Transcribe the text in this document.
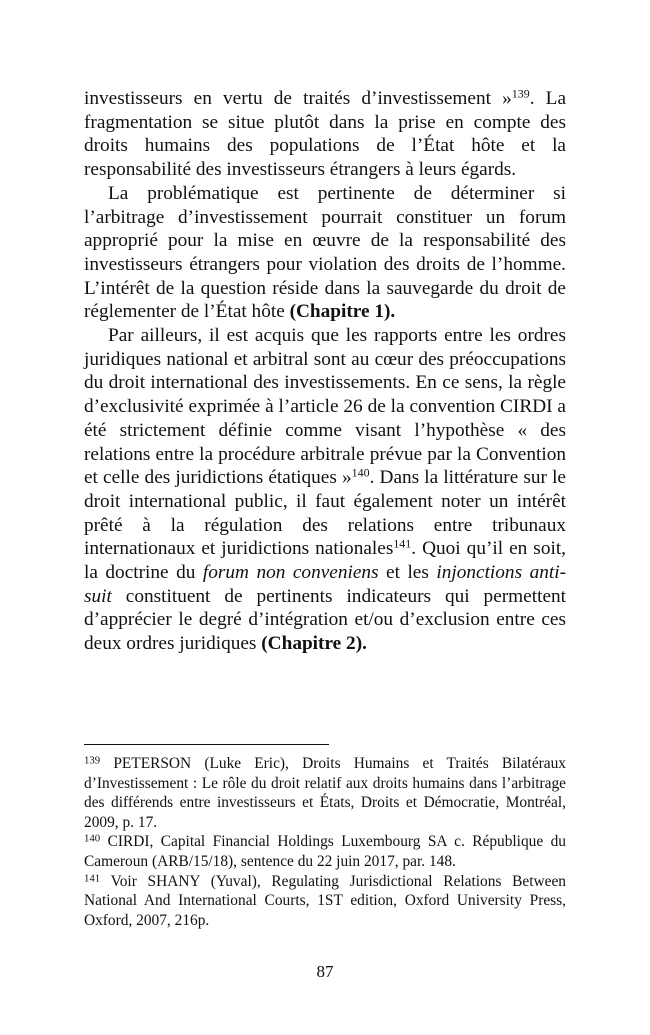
investisseurs en vertu de traités d’investissement »$^{139}$. La fragmentation se situe plutôt dans la prise en compte des droits humains des populations de l’État hôte et la responsabilité des investisseurs étrangers à leurs égards.

La problématique est pertinente de déterminer si l’arbitrage d’investissement pourrait constituer un forum approprié pour la mise en œuvre de la responsabilité des investisseurs étrangers pour violation des droits de l’homme. L’intérêt de la question réside dans la sauvegarde du droit de réglementer de l’État hôte (Chapitre 1).

Par ailleurs, il est acquis que les rapports entre les ordres juridiques national et arbitral sont au cœur des préoccupations du droit international des investissements. En ce sens, la règle d’exclusivité exprimée à l’article 26 de la convention CIRDI a été strictement définie comme visant l’hypothèse « des relations entre la procédure arbitrale prévue par la Convention et celle des juridictions étatiques »$^{140}$. Dans la littérature sur le droit international public, il faut également noter un intérêt prêté à la régulation des relations entre tribunaux internationaux et juridictions nationales$^{141}$. Quoi qu’il en soit, la doctrine du forum non conveniens et les injonctions anti-suit constituent de pertinents indicateurs qui permettent d’apprécier le degré d’intégration et/ou d’exclusion entre ces deux ordres juridiques (Chapitre 2).

$^{139}$ PETERSON (Luke Eric), Droits Humains et Traités Bilatéraux d’Investissement : Le rôle du droit relatif aux droits humains dans l’arbitrage des différends entre investisseurs et États, Droits et Démocratie, Montréal, 2009, p. 17.

$^{140}$ CIRDI, Capital Financial Holdings Luxembourg SA c. République du Cameroun (ARB/15/18), sentence du 22 juin 2017, par. 148.

$^{141}$ Voir SHANY (Yuval), Regulating Jurisdictional Relations Between National And International Courts, 1ST edition, Oxford University Press, Oxford, 2007, 216p.

87
